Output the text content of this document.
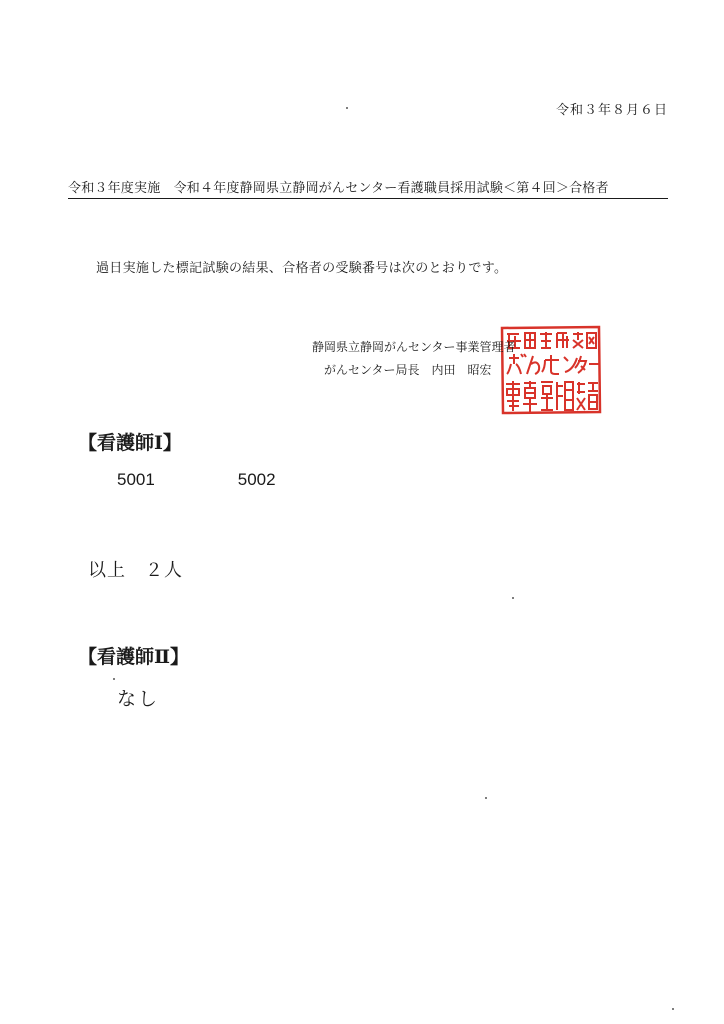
令和３年８月６日
令和３年度実施　令和４年度静岡県立静岡がんセンター看護職員採用試験＜第４回＞合格者
過日実施した標記試験の結果、合格者の受験番号は次のとおりです。
静岡県立静岡がんセンター事業管理者
がんセンター局長　内田　昭宏
【看護師Ⅰ】
5001	5002
以上　２人
【看護師Ⅱ】
なし
